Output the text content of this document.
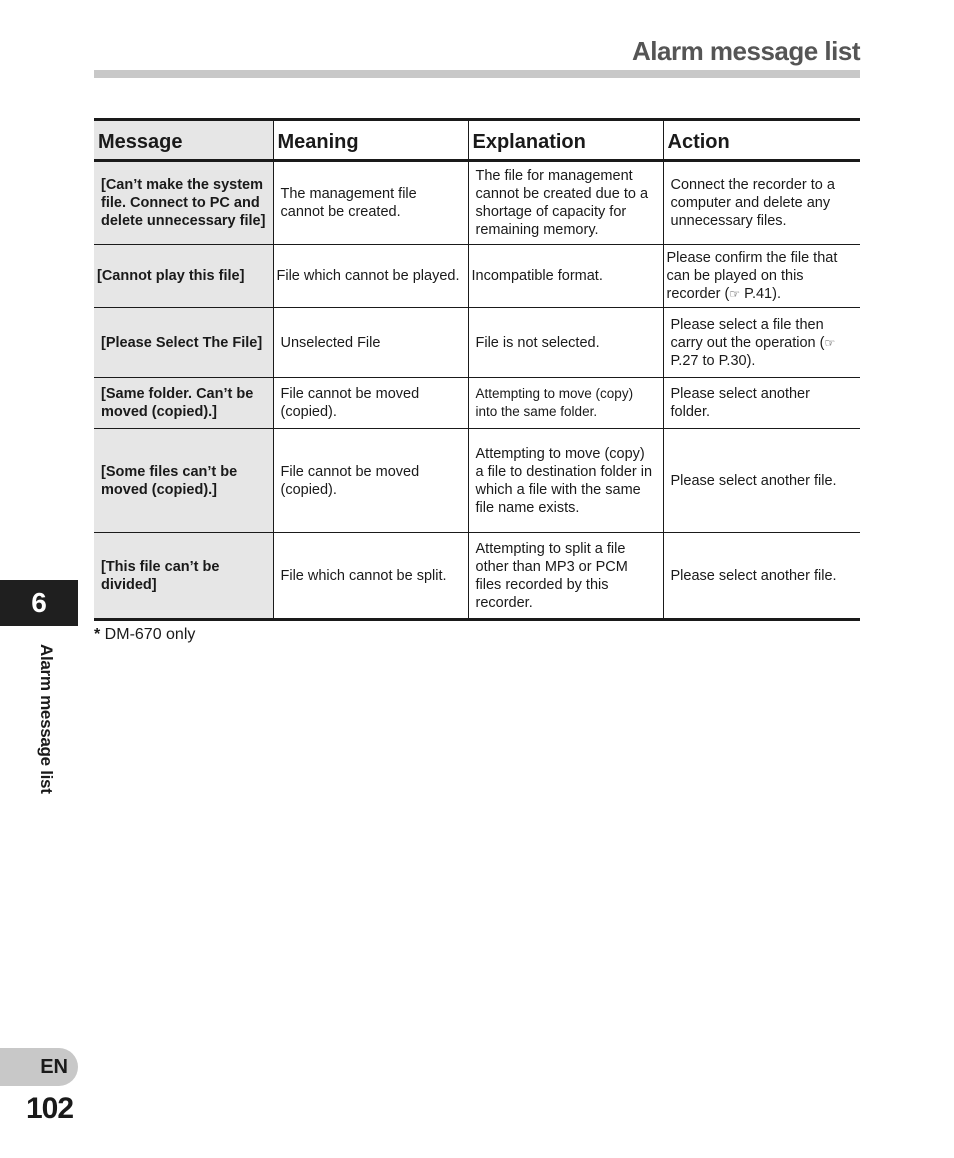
Alarm message list
Message	Meaning	Explanation	Action
[Can’t make the system file. Connect to PC and delete unnecessary file]	The management file cannot be created.	The file for management cannot be created due to a shortage of capacity for remaining memory.	Connect the recorder to a computer and delete any unnecessary files.
[Cannot play this file]	File which cannot be played.	Incompatible format.	Please confirm the file that can be played on this recorder (☞ P.41).
[Please Select The File]	Unselected File	File is not selected.	Please select a file then carry out the operation (☞ P.27 to P.30).
[Same folder. Can’t be moved (copied).]	File cannot be moved (copied).	Attempting to move (copy) into the same folder.	Please select another folder.
[Some files can’t be moved (copied).]	File cannot be moved (copied).	Attempting to move (copy) a file to destination folder in which a file with the same file name exists.	Please select another file.
[This file can’t be divided]	File which cannot be split.	Attempting to split a file other than MP3 or PCM files recorded by this recorder.	Please select another file.
* DM-670 only
6
Alarm message list
EN
102
